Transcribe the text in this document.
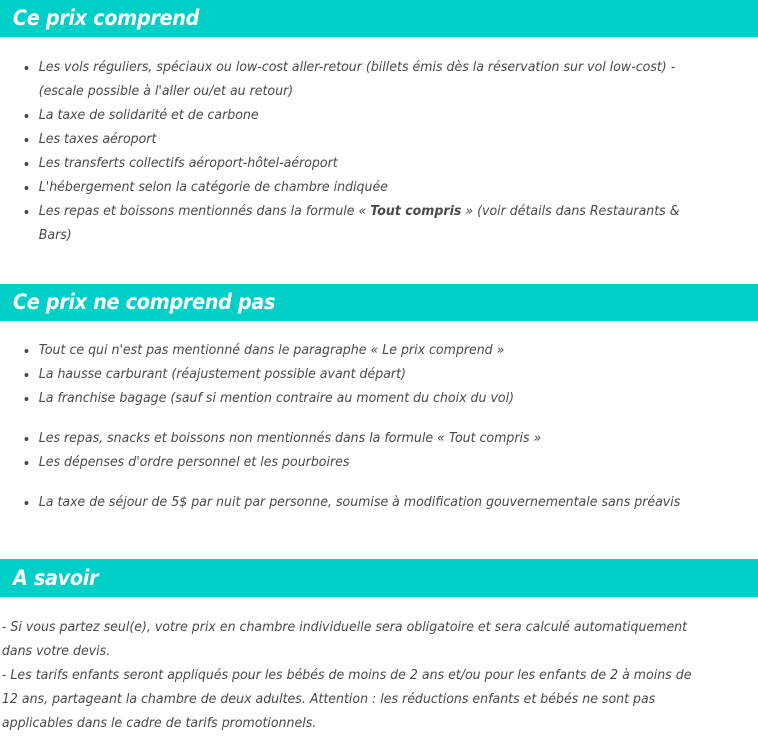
Ce prix comprend
Les vols réguliers, spéciaux ou low-cost aller-retour (billets émis dès la réservation sur vol low-cost) - (escale possible à l'aller ou/et au retour)
La taxe de solidarité et de carbone
Les taxes aéroport
Les transferts collectifs aéroport-hôtel-aéroport
L'hébergement selon la catégorie de chambre indiquée
Les repas et boissons mentionnés dans la formule « Tout compris » (voir détails dans Restaurants & Bars)
Ce prix ne comprend pas
Tout ce qui n'est pas mentionné dans le paragraphe « Le prix comprend »
La hausse carburant (réajustement possible avant départ)
La franchise bagage (sauf si mention contraire au moment du choix du vol)
Les repas, snacks et boissons non mentionnés dans la formule « Tout compris »
Les dépenses d'ordre personnel et les pourboires
La taxe de séjour de 5$ par nuit par personne, soumise à modification gouvernementale sans préavis
A savoir

- Si vous partez seul(e), votre prix en chambre individuelle sera obligatoire et sera calculé automatiquement dans votre devis.

- Les tarifs enfants seront appliqués pour les bébés de moins de 2 ans et/ou pour les enfants de 2 à moins de 12 ans, partageant la chambre de deux adultes. Attention : les réductions enfants et bébés ne sont pas applicables dans le cadre de tarifs promotionnels.
